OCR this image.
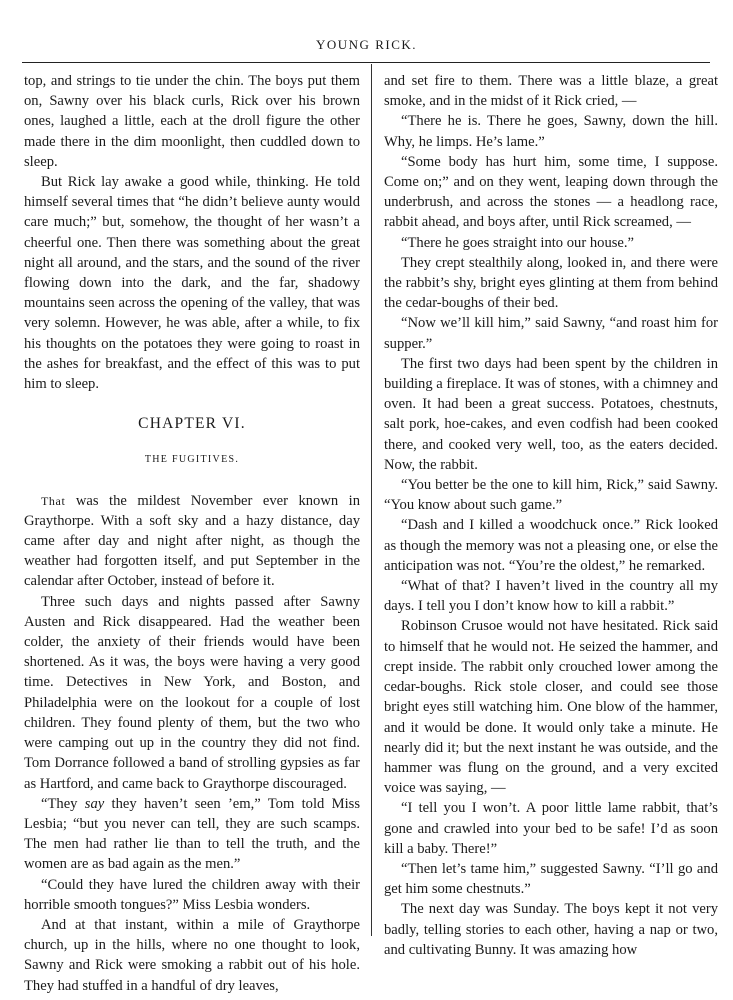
YOUNG RICK.

top, and strings to tie under the chin. The boys put them on, Sawny over his black curls, Rick over his brown ones, laughed a little, each at the droll figure the other made there in the dim moonlight, then cuddled down to sleep.

But Rick lay awake a good while, thinking. He told himself several times that “he didn’t believe aunty would care much;” but, somehow, the thought of her wasn’t a cheerful one. Then there was something about the great night all around, and the stars, and the sound of the river flowing down into the dark, and the far, shadowy mountains seen across the opening of the valley, that was very solemn. However, he was able, after a while, to fix his thoughts on the potatoes they were going to roast in the ashes for breakfast, and the effect of this was to put him to sleep.

CHAPTER VI.

THE FUGITIVES.

That was the mildest November ever known in Graythorpe. With a soft sky and a hazy distance, day came after day and night after night, as though the weather had forgotten itself, and put September in the calendar after October, instead of before it.

Three such days and nights passed after Sawny Austen and Rick disappeared. Had the weather been colder, the anxiety of their friends would have been shortened. As it was, the boys were having a very good time. Detectives in New York, and Boston, and Philadelphia were on the lookout for a couple of lost children. They found plenty of them, but the two who were camping out up in the country they did not find. Tom Dorrance followed a band of strolling gypsies as far as Hartford, and came back to Graythorpe discouraged.

“They say they haven’t seen ’em,” Tom told Miss Lesbia; “but you never can tell, they are such scamps. The men had rather lie than to tell the truth, and the women are as bad again as the men.”

“Could they have lured the children away with their horrible smooth tongues?” Miss Lesbia wonders.

And at that instant, within a mile of Graythorpe church, up in the hills, where no one thought to look, Sawny and Rick were smoking a rabbit out of his hole. They had stuffed in a handful of dry leaves,

and set fire to them. There was a little blaze, a great smoke, and in the midst of it Rick cried, —

“There he is. There he goes, Sawny, down the hill. Why, he limps. He’s lame.”

“Some body has hurt him, some time, I suppose. Come on;” and on they went, leaping down through the underbrush, and across the stones — a headlong race, rabbit ahead, and boys after, until Rick screamed, —

“There he goes straight into our house.”

They crept stealthily along, looked in, and there were the rabbit’s shy, bright eyes glinting at them from behind the cedar-boughs of their bed.

“Now we’ll kill him,” said Sawny, “and roast him for supper.”

The first two days had been spent by the children in building a fireplace. It was of stones, with a chimney and oven. It had been a great success. Potatoes, chestnuts, salt pork, hoe-cakes, and even codfish had been cooked there, and cooked very well, too, as the eaters decided. Now, the rabbit.

“You better be the one to kill him, Rick,” said Sawny. “You know about such game.”

“Dash and I killed a woodchuck once.” Rick looked as though the memory was not a pleasing one, or else the anticipation was not. “You’re the oldest,” he remarked.

“What of that? I haven’t lived in the country all my days. I tell you I don’t know how to kill a rabbit.”

Robinson Crusoe would not have hesitated. Rick said to himself that he would not. He seized the hammer, and crept inside. The rabbit only crouched lower among the cedar-boughs. Rick stole closer, and could see those bright eyes still watching him. One blow of the hammer, and it would be done. It would only take a minute. He nearly did it; but the next instant he was outside, and the hammer was flung on the ground, and a very excited voice was saying, —

“I tell you I won’t. A poor little lame rabbit, that’s gone and crawled into your bed to be safe! I’d as soon kill a baby. There!”

“Then let’s tame him,” suggested Sawny. “I’ll go and get him some chestnuts.”

The next day was Sunday. The boys kept it not very badly, telling stories to each other, having a nap or two, and cultivating Bunny. It was amazing how
